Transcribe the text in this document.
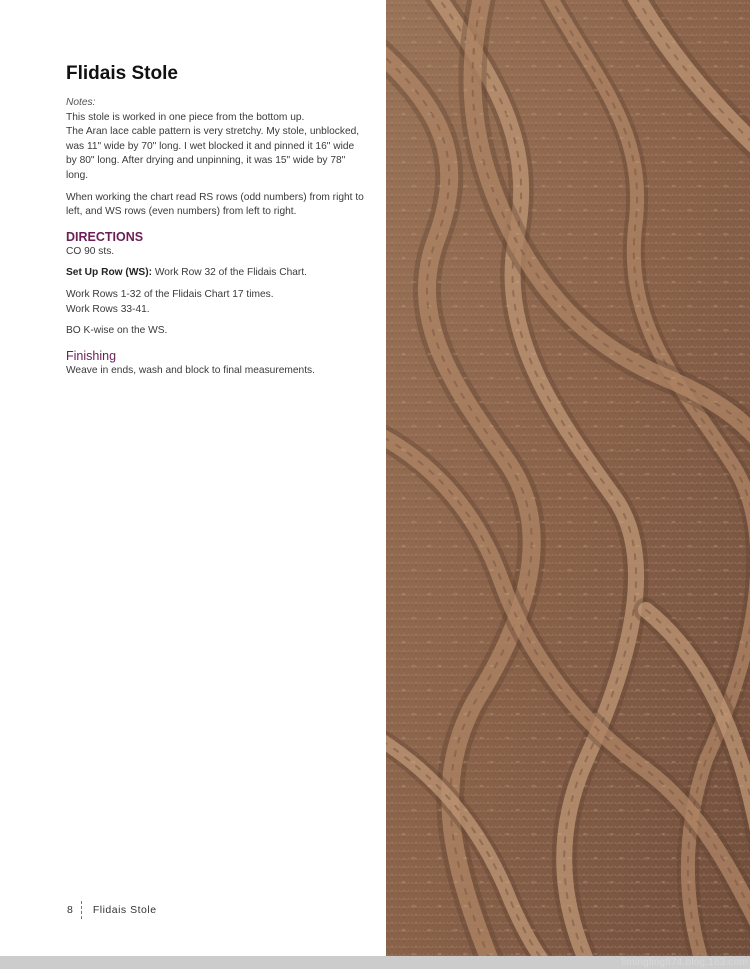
Flidais Stole

Notes:

This stole is worked in one piece from the bottom up.

The Aran lace cable pattern is very stretchy. My stole, unblocked, was 11" wide by 70" long. I wet blocked it and pinned it 16" wide by 80" long. After drying and unpinning, it was 15" wide by 78" long.

When working the chart read RS rows (odd numbers) from right to left, and WS rows (even numbers) from left to right.

DIRECTIONS

CO 90 sts.

Set Up Row (WS): Work Row 32 of the Flidais Chart.

Work Rows 1-32 of the Flidais Chart 17 times.

Work Rows 33-41.

BO K-wise on the WS.

Finishing

Weave in ends, wash and block to final measurements.

8 Flidais Stole
limingling874.blog.163.com
